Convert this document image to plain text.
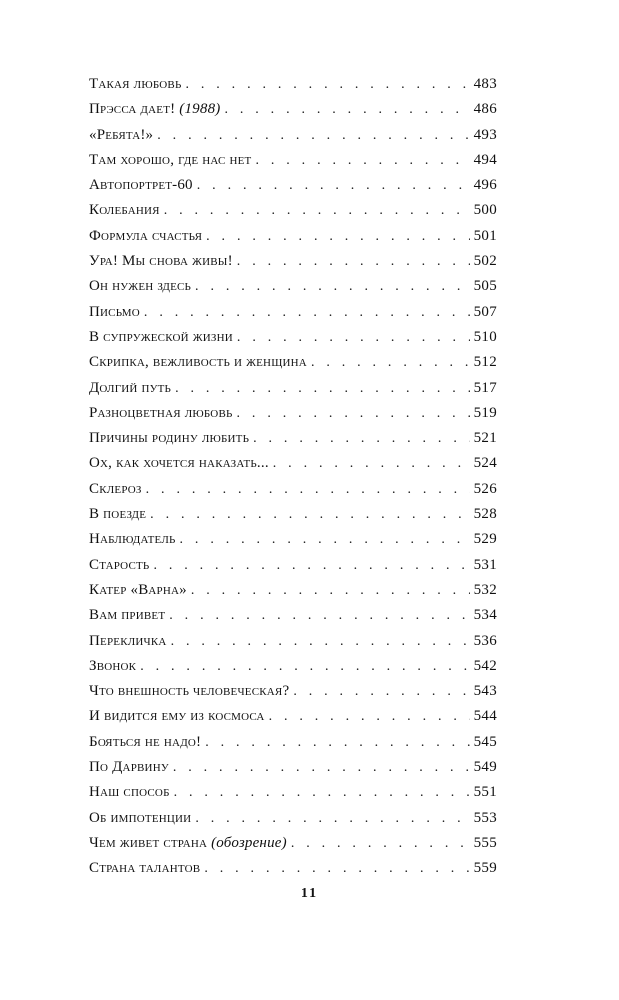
Такая любовь . . .	483
Прэсса дает! (1988) . . .	486
«Ребята!» . . .	493
Там хорошо, где нас нет . . .	494
Автопортрет-60 . . .	496
Колебания . . .	500
Формула счастья . . .	501
Ура! Мы снова живы! . . .	502
Он нужен здесь . . .	505
Письмо . . .	507
В супружеской жизни . . .	510
Скрипка, вежливость и женщина . . .	512
Долгий путь . . .	517
Разноцветная любовь . . .	519
Причины родину любить . . .	521
Ох, как хочется наказать... . . .	524
Склероз . . .	526
В поезде . . .	528
Наблюдатель . . .	529
Старость . . .	531
Катер «Варна» . . .	532
Вам привет . . .	534
Перекличка . . .	536
Звонок . . .	542
Что внешность человеческая? . . .	543
И видится ему из космоса . . .	544
Бояться не надо! . . .	545
По Дарвину . . .	549
Наш способ . . .	551
Об импотенции . . .	553
Чем живет страна (обозрение) . . .	555
Страна талантов . . .	559
11
